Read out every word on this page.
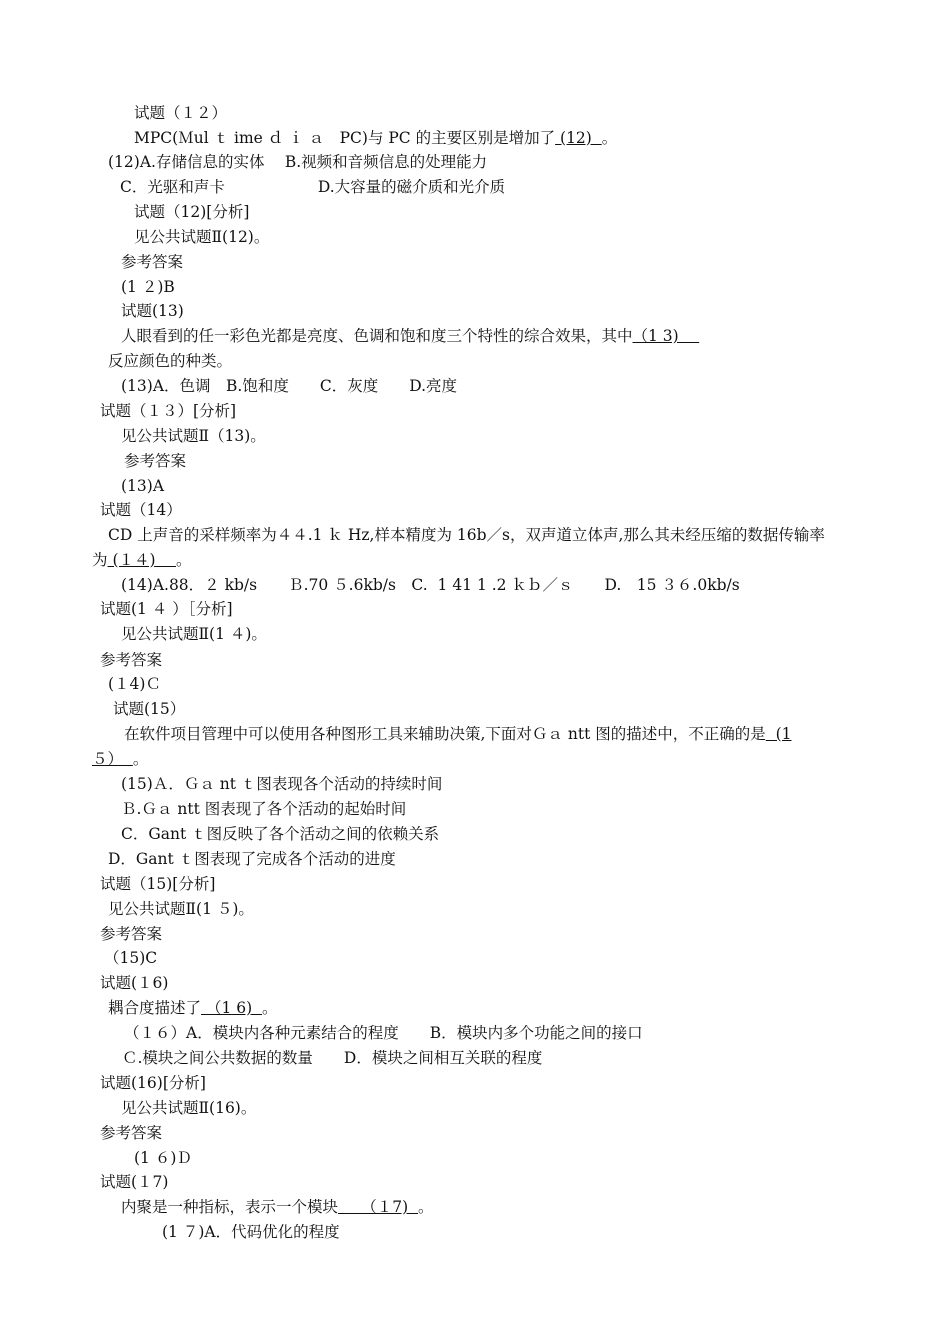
试题（１２）
MPC(Ｍul ｔ ime ｄ ｉ ａ　PC)与 PC 的主要区别是增加了 (12)  。
(12)A.存储信息的实体　 B.视频和音频信息的处理能力
C．光驱和声卡　　　　　　D.大容量的磁介质和光介质
试题（12)[分析]
见公共试题Ⅱ(12)。
参考答案
(1 ２)B
试题(13)
人眼看到的任一彩色光都是亮度、色调和饱和度三个特性的综合效果，其中（1 3)　
反应颜色的种类。
(13)A．色调　B.饱和度　　C．灰度　　D.亮度
试题（１３）[分析]
见公共试题Ⅱ（13)。
参考答案
(13)A
试题（14）
CD 上声音的采样频率为４４.1 ｋ Hz,样本精度为 16b／s，双声道立体声,那么其未经压缩的数据传输率
为 (１４)　 。
(14)A.88．２ kb/s　　Ｂ.70 ５.6kb/s　C.  1 41 1 .2 ｋｂ／ｓ　　D.　15 ３６.0kb/s
试题(1 ４ ）［分析]
见公共试题Ⅱ(1 ４)。
参考答案
(１4)Ｃ
试题(15）
在软件项目管理中可以使用各种图形工具来辅助决策,下面对Ｇａ ntt 图的描述中，不正确的是  (1
５）  。
(15)Ａ．Ｇａ nt ｔ图表现各个活动的持续时间
Ｂ.Ｇａ ntt 图表现了各个活动的起始时间
C．Gant ｔ图反映了各个活动之间的依赖关系
D．Gant ｔ图表现了完成各个活动的进度
试题（15)[分析]
见公共试题Ⅱ(1 ５)。
参考答案
（15)C
试题(１6)
耦合度描述了 （1 6)  。
（１６）A．模块内各种元素结合的程度　　B．模块内多个功能之间的接口
Ｃ.模块之间公共数据的数量　　D．模块之间相互关联的程度
试题(16)[分析]
见公共试题Ⅱ(16)。
参考答案
(1 ６)Ｄ
试题(１7)
内聚是一种指标，表示一个模块　　（１7)  。
(1 ７)A．代码优化的程度
